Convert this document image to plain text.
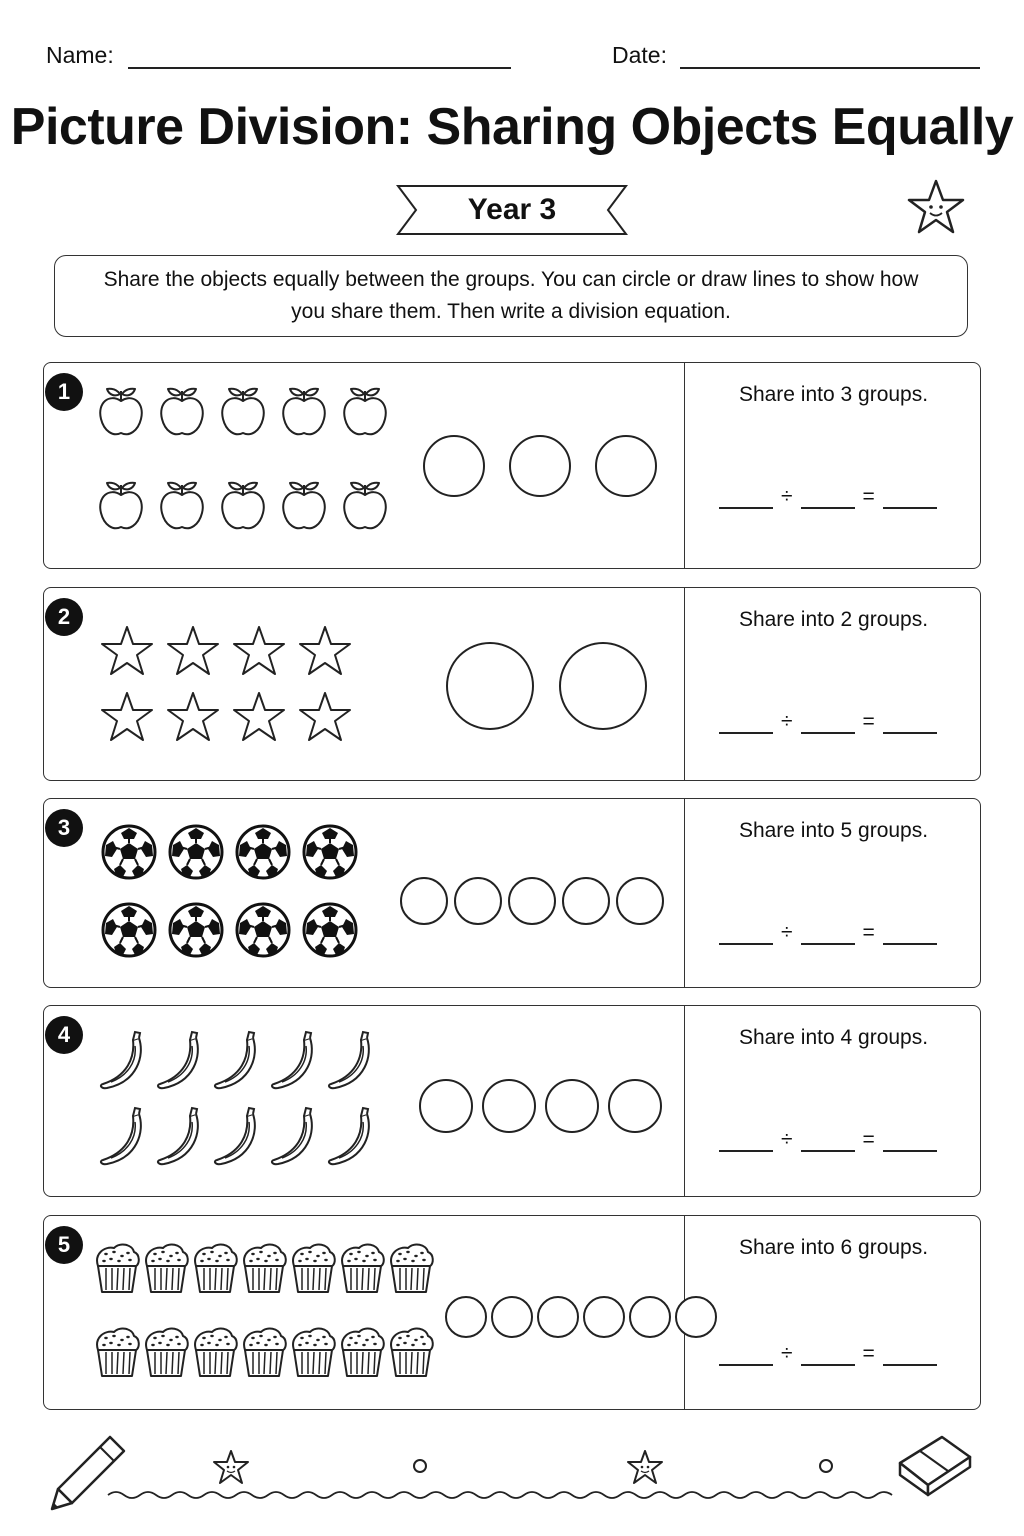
Name:	Date:
Picture Division: Sharing Objects Equally
Year 3
Share the objects equally between the groups. You can circle or draw lines to show how you share them. Then write a division equation.
1	Share into 3 groups.
÷	=
2	Share into 2 groups.
÷	=
3	Share into 5 groups.
÷	=
4	Share into 4 groups.
÷	=
5	Share into 6 groups.
÷	=
